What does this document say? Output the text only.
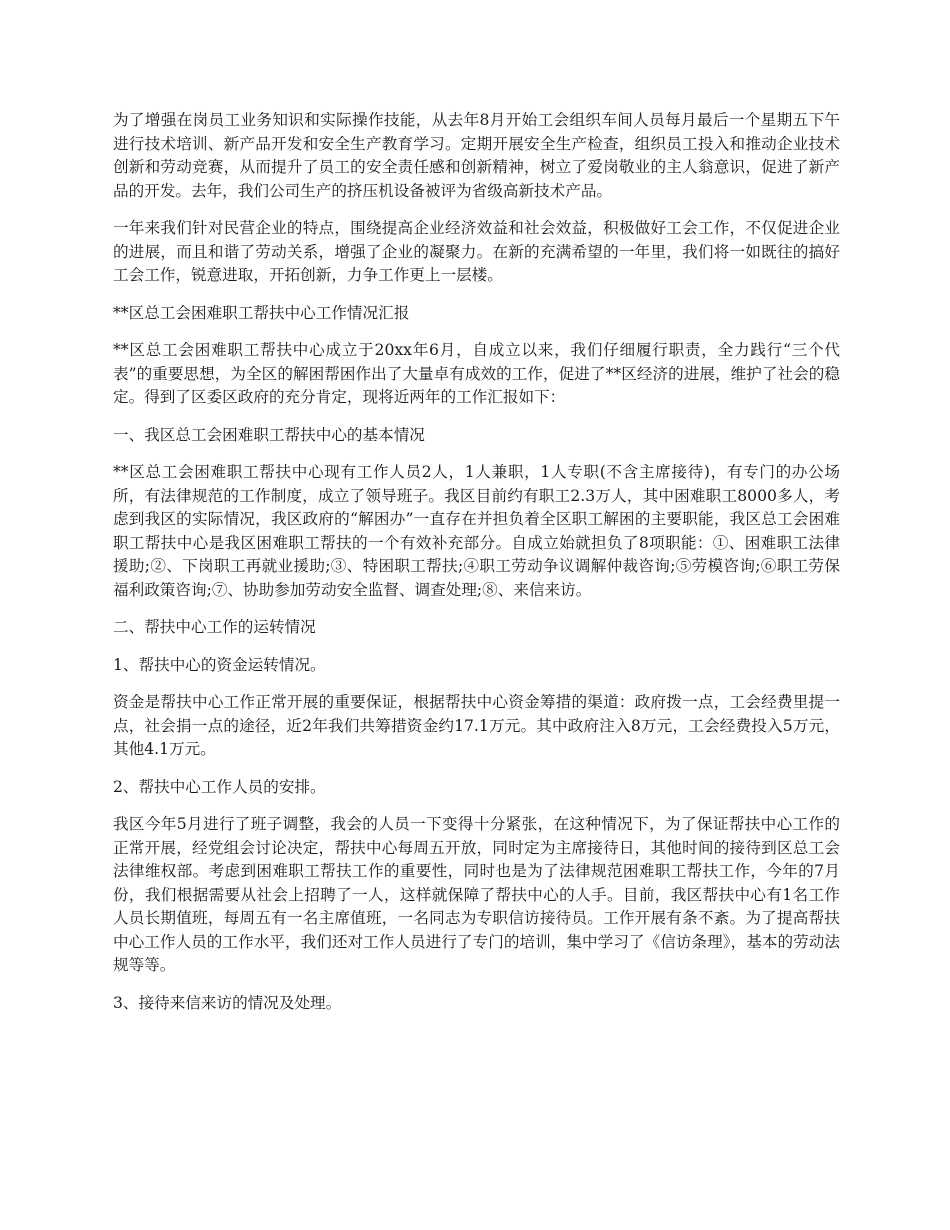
为了增强在岗员工业务知识和实际操作技能，从去年8月开始工会组织车间人员每月最后一个星期五下午进行技术培训、新产品开发和安全生产教育学习。定期开展安全生产检查，组织员工投入和推动企业技术创新和劳动竞赛，从而提升了员工的安全责任感和创新精神，树立了爱岗敬业的主人翁意识，促进了新产品的开发。去年，我们公司生产的挤压机设备被评为省级高新技术产品。

一年来我们针对民营企业的特点，围绕提高企业经济效益和社会效益，积极做好工会工作，不仅促进企业的进展，而且和谐了劳动关系，增强了企业的凝聚力。在新的充满希望的一年里，我们将一如既往的搞好工会工作，锐意进取，开拓创新，力争工作更上一层楼。

**区总工会困难职工帮扶中心工作情况汇报

**区总工会困难职工帮扶中心成立于20xx年6月，自成立以来，我们仔细履行职责，全力践行“三个代表”的重要思想，为全区的解困帮困作出了大量卓有成效的工作，促进了**区经济的进展，维护了社会的稳定。得到了区委区政府的充分肯定，现将近两年的工作汇报如下：

一、我区总工会困难职工帮扶中心的基本情况

**区总工会困难职工帮扶中心现有工作人员2人，1人兼职，1人专职(不含主席接待)，有专门的办公场所，有法律规范的工作制度，成立了领导班子。我区目前约有职工2.3万人，其中困难职工8000多人，考虑到我区的实际情况，我区政府的“解困办”一直存在并担负着全区职工解困的主要职能，我区总工会困难职工帮扶中心是我区困难职工帮扶的一个有效补充部分。自成立始就担负了8项职能：①、困难职工法律援助;②、下岗职工再就业援助;③、特困职工帮扶;④职工劳动争议调解仲裁咨询;⑤劳模咨询;⑥职工劳保福利政策咨询;⑦、协助参加劳动安全监督、调查处理;⑧、来信来访。

二、帮扶中心工作的运转情况

1、帮扶中心的资金运转情况。

资金是帮扶中心工作正常开展的重要保证，根据帮扶中心资金筹措的渠道：政府拨一点，工会经费里提一点，社会捐一点的途径，近2年我们共筹措资金约17.1万元。其中政府注入8万元，工会经费投入5万元，其他4.1万元。

2、帮扶中心工作人员的安排。

我区今年5月进行了班子调整，我会的人员一下变得十分紧张，在这种情况下，为了保证帮扶中心工作的正常开展，经党组会讨论决定，帮扶中心每周五开放，同时定为主席接待日，其他时间的接待到区总工会法律维权部。考虑到困难职工帮扶工作的重要性，同时也是为了法律规范困难职工帮扶工作，今年的7月份，我们根据需要从社会上招聘了一人，这样就保障了帮扶中心的人手。目前，我区帮扶中心有1名工作人员长期值班，每周五有一名主席值班，一名同志为专职信访接待员。工作开展有条不紊。为了提高帮扶中心工作人员的工作水平，我们还对工作人员进行了专门的培训，集中学习了《信访条理》，基本的劳动法规等等。

3、接待来信来访的情况及处理。
